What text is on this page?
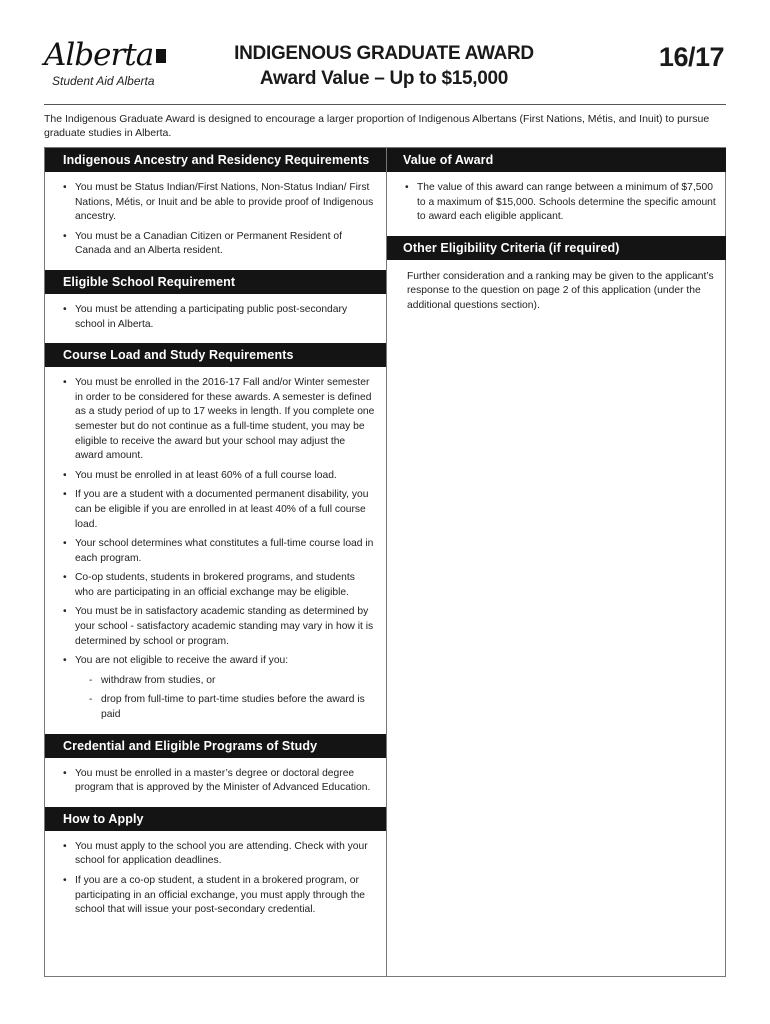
Alberta
Student Aid Alberta
INDIGENOUS GRADUATE AWARD
Award Value – Up to $15,000
16/17
The Indigenous Graduate Award is designed to encourage a larger proportion of Indigenous Albertans (First Nations, Métis, and Inuit) to pursue graduate studies in Alberta.
Indigenous Ancestry and Residency Requirements
• You must be Status Indian/First Nations, Non-Status Indian/ First Nations, Métis, or Inuit and be able to provide proof of Indigenous ancestry.
• You must be a Canadian Citizen or Permanent Resident of Canada and an Alberta resident.
Eligible School Requirement
• You must be attending a participating public post-secondary school in Alberta.
Course Load and Study Requirements
• You must be enrolled in the 2016-17 Fall and/or Winter semester in order to be considered for these awards. A semester is defined as a study period of up to 17 weeks in length. If you complete one semester but do not continue as a full-time student, you may be eligible to receive the award but your school may adjust the award amount.
• You must be enrolled in at least 60% of a full course load.
• If you are a student with a documented permanent disability, you can be eligible if you are enrolled in at least 40% of a full course load.
• Your school determines what constitutes a full-time course load in each program.
• Co-op students, students in brokered programs, and students who are participating in an official exchange may be eligible.
• You must be in satisfactory academic standing as determined by your school - satisfactory academic standing may vary in how it is determined by school or program.
• You are not eligible to receive the award if you:
- withdraw from studies, or
- drop from full-time to part-time studies before the award is paid
Credential and Eligible Programs of Study
• You must be enrolled in a master’s degree or doctoral degree program that is approved by the Minister of Advanced Education.
How to Apply
• You must apply to the school you are attending. Check with your school for application deadlines.
• If you are a co-op student, a student in a brokered program, or participating in an official exchange, you must apply through the school that will issue your post-secondary credential.
Value of Award
• The value of this award can range between a minimum of $7,500 to a maximum of $15,000. Schools determine the specific amount to award each eligible applicant.
Other Eligibility Criteria (if required)
Further consideration and a ranking may be given to the applicant’s response to the question on page 2 of this application (under the additional questions section).
